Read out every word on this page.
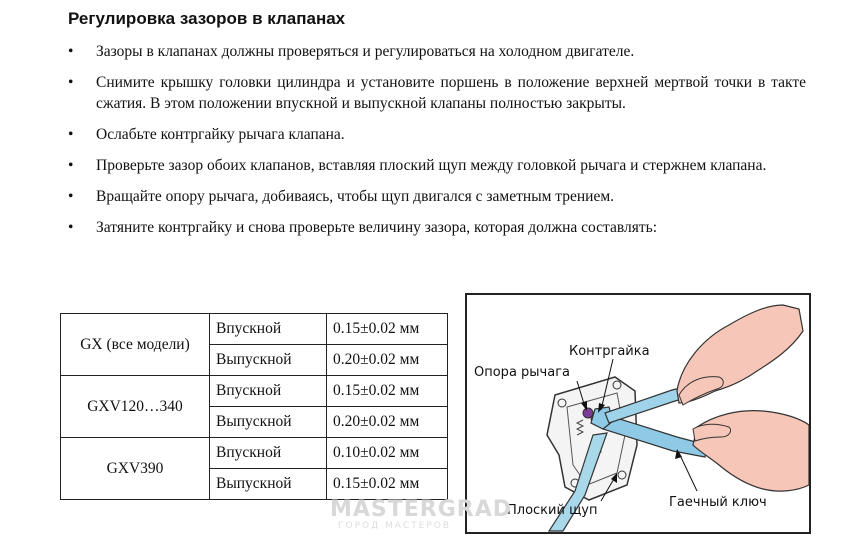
Регулировка зазоров в клапанах
• Зазоры в клапанах должны проверяться и регулироваться на холодном двигателе.
• Снимите крышку головки цилиндра и установите поршень в положение верхней мертвой точки в такте сжатия. В этом положении впускной и выпускной клапаны полностью закрыты.
• Ослабьте контргайку рычага клапана.
• Проверьте зазор обоих клапанов, вставляя плоский щуп между головкой рычага и стержнем клапана.
• Вращайте опору рычага, добиваясь, чтобы щуп двигался с заметным трением.
• Затяните контргайку и снова проверьте величину зазора, которая должна составлять:
GX (все модели)	Впускной	0.15±0.02 мм
	Выпускной	0.20±0.02 мм
GXV120…340	Впускной	0.15±0.02 мм
	Выпускной	0.20±0.02 мм
GXV390	Впускной	0.10±0.02 мм
	Выпускной	0.15±0.02 мм
Контргайка
Опора рычага
Плоский щуп
Гаечный ключ
MASTERGRAD
ГОРОД МАСТЕРОВ
